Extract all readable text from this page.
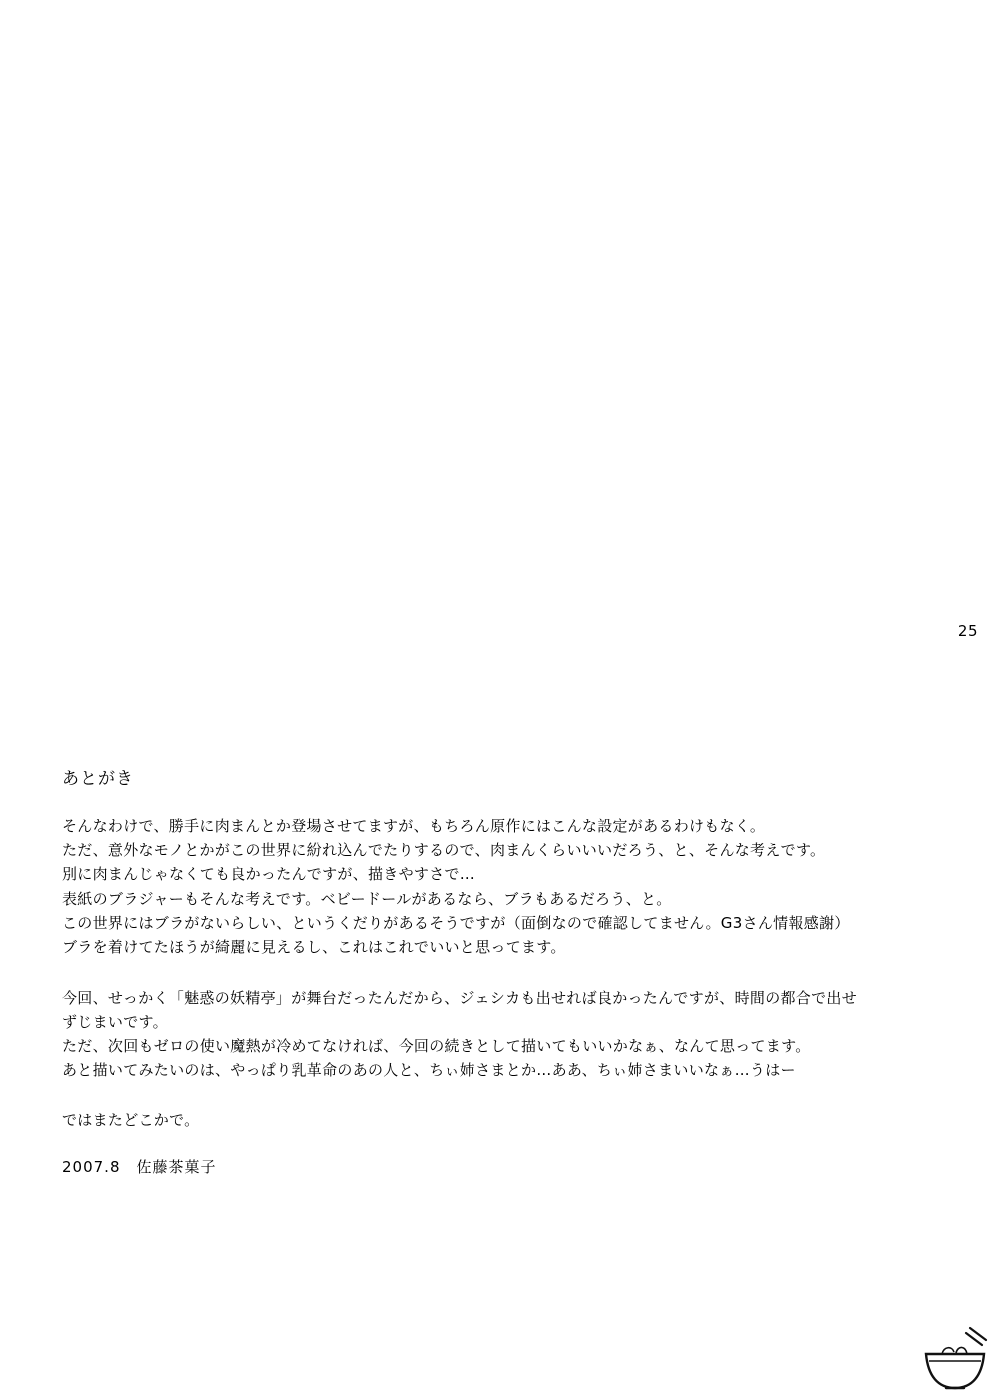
25
あとがき
そんなわけで、勝手に肉まんとか登場させてますが、もちろん原作にはこんな設定があるわけもなく。
ただ、意外なモノとかがこの世界に紛れ込んでたりするので、肉まんくらいいいだろう、と、そんな考えです。
別に肉まんじゃなくても良かったんですが、描きやすさで…
表紙のブラジャーもそんな考えです。ベビードールがあるなら、ブラもあるだろう、と。
この世界にはブラがないらしい、というくだりがあるそうですが（面倒なので確認してません。G3さん情報感謝）
ブラを着けてたほうが綺麗に見えるし、これはこれでいいと思ってます。
今回、せっかく「魅惑の妖精亭」が舞台だったんだから、ジェシカも出せれば良かったんですが、時間の都合で出せずじまいです。
ただ、次回もゼロの使い魔熱が冷めてなければ、今回の続きとして描いてもいいかなぁ、なんて思ってます。
あと描いてみたいのは、やっぱり乳革命のあの人と、ちぃ姉さまとか…ああ、ちぃ姉さまいいなぁ…うはー
ではまたどこかで。
2007.8　佐藤茶菓子
